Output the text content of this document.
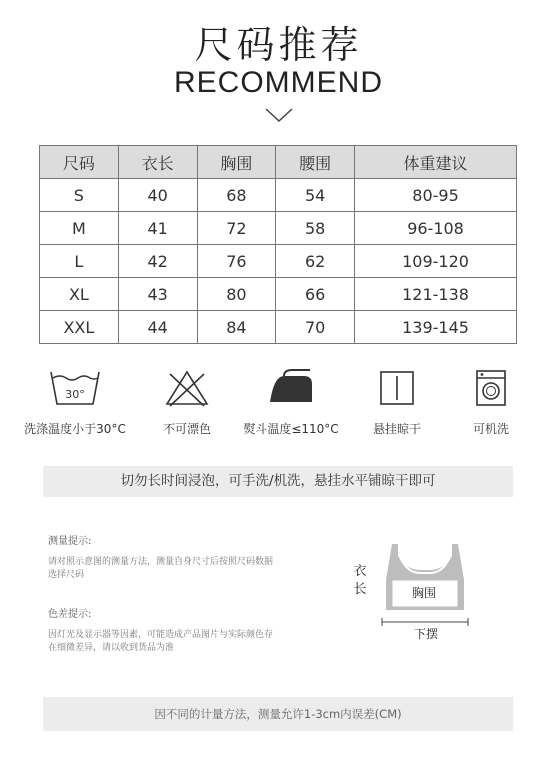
尺码推荐
RECOMMEND
尺码	衣长	胸围	腰围	体重建议
S	40	68	54	80-95
M	41	72	58	96-108
L	42	76	62	109-120
XL	43	80	66	121-138
XXL	44	84	70	139-145
30°
洗涤温度小于30°C	不可漂色	熨斗温度≤110°C	悬挂晾干	可机洗
切勿长时间浸泡，可手洗/机洗，悬挂水平铺晾干即可
测量提示:
请对照示意图的测量方法，测量自身尺寸后按照尺码数据选择尺码
色差提示:
因灯光及显示器等因素，可能造成产品图片与实际颜色存在细微差异，请以收到货品为准
衣长	胸围
下摆
因不同的计量方法，测量允许1-3cm内误差(CM)
